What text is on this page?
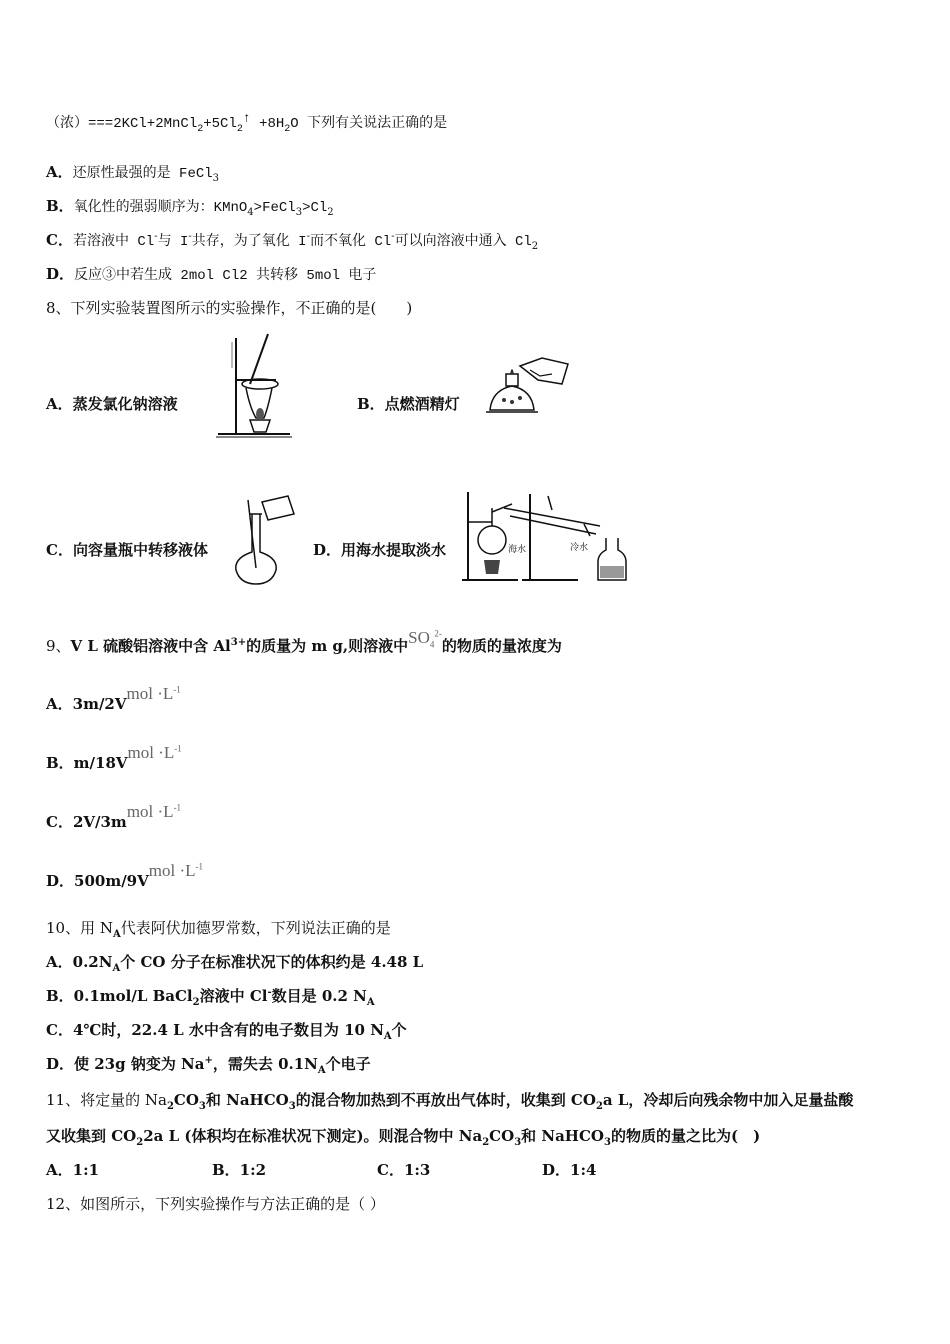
（浓）$===2KCl+2MnCl_2+5Cl_2^↑ +8H_2O$ 下列有关说法正确的是
A．还原性最强的是 FeCl$_3$
B．氧化性的强弱顺序为：$KMnO_4>FeCl_3>Cl_2$
C．若溶液中 Cl-与 I-共存，为了氧化 I-而不氧化 Cl-可以向溶液中通入 $Cl_2$
D．反应③中若生成 2mol Cl2 共转移 5mol 电子
8、下列实验装置图所示的实验操作，不正确的是(　　)
A．蒸发氯化钠溶液	B．点燃酒精灯
C．向容量瓶中转移液体	D．用海水提取淡水	海水	冷水
9、V L 硫酸铝溶液中含 $Al^{3+}$的质量为 m g,则溶液中$SO_4^{2-}$的物质的量浓度为
A．3m/2Vmol $\cdot L^{-1}$
B．m/18Vmol $\cdot L^{-1}$
C．2V/3mmol $\cdot L^{-1}$
D．500m/9Vmol $\cdot L^{-1}$
10、用 $N_A$代表阿伏加德罗常数，下列说法正确的是
A．$0.2N_A$个 CO 分子在标准状况下的体积约是 4.48 L
B．0.1mol/L BaCl$_2$溶液中 Cl-数目是 0.2 $N_A$
C．4℃时，22.4 L 水中含有的电子数目为 10 $N_A$个
D．使 23g 钠变为 Na+，需失去 $0.1N_A$个电子
11、将定量的 $Na_2CO_3$和 NaHCO$_3$的混合物加热到不再放出气体时，收集到 $CO_2a$ L，冷却后向残余物中加入足量盐酸
又收集到 $CO_22a$ L (体积均在标准状况下测定)。则混合物中 $Na_2CO_3$和 NaHCO$_3$的物质的量之比为(　)
A．1:1	B．1:2	C．1:3	D．1:4
12、如图所示，下列实验操作与方法正确的是（ ）
